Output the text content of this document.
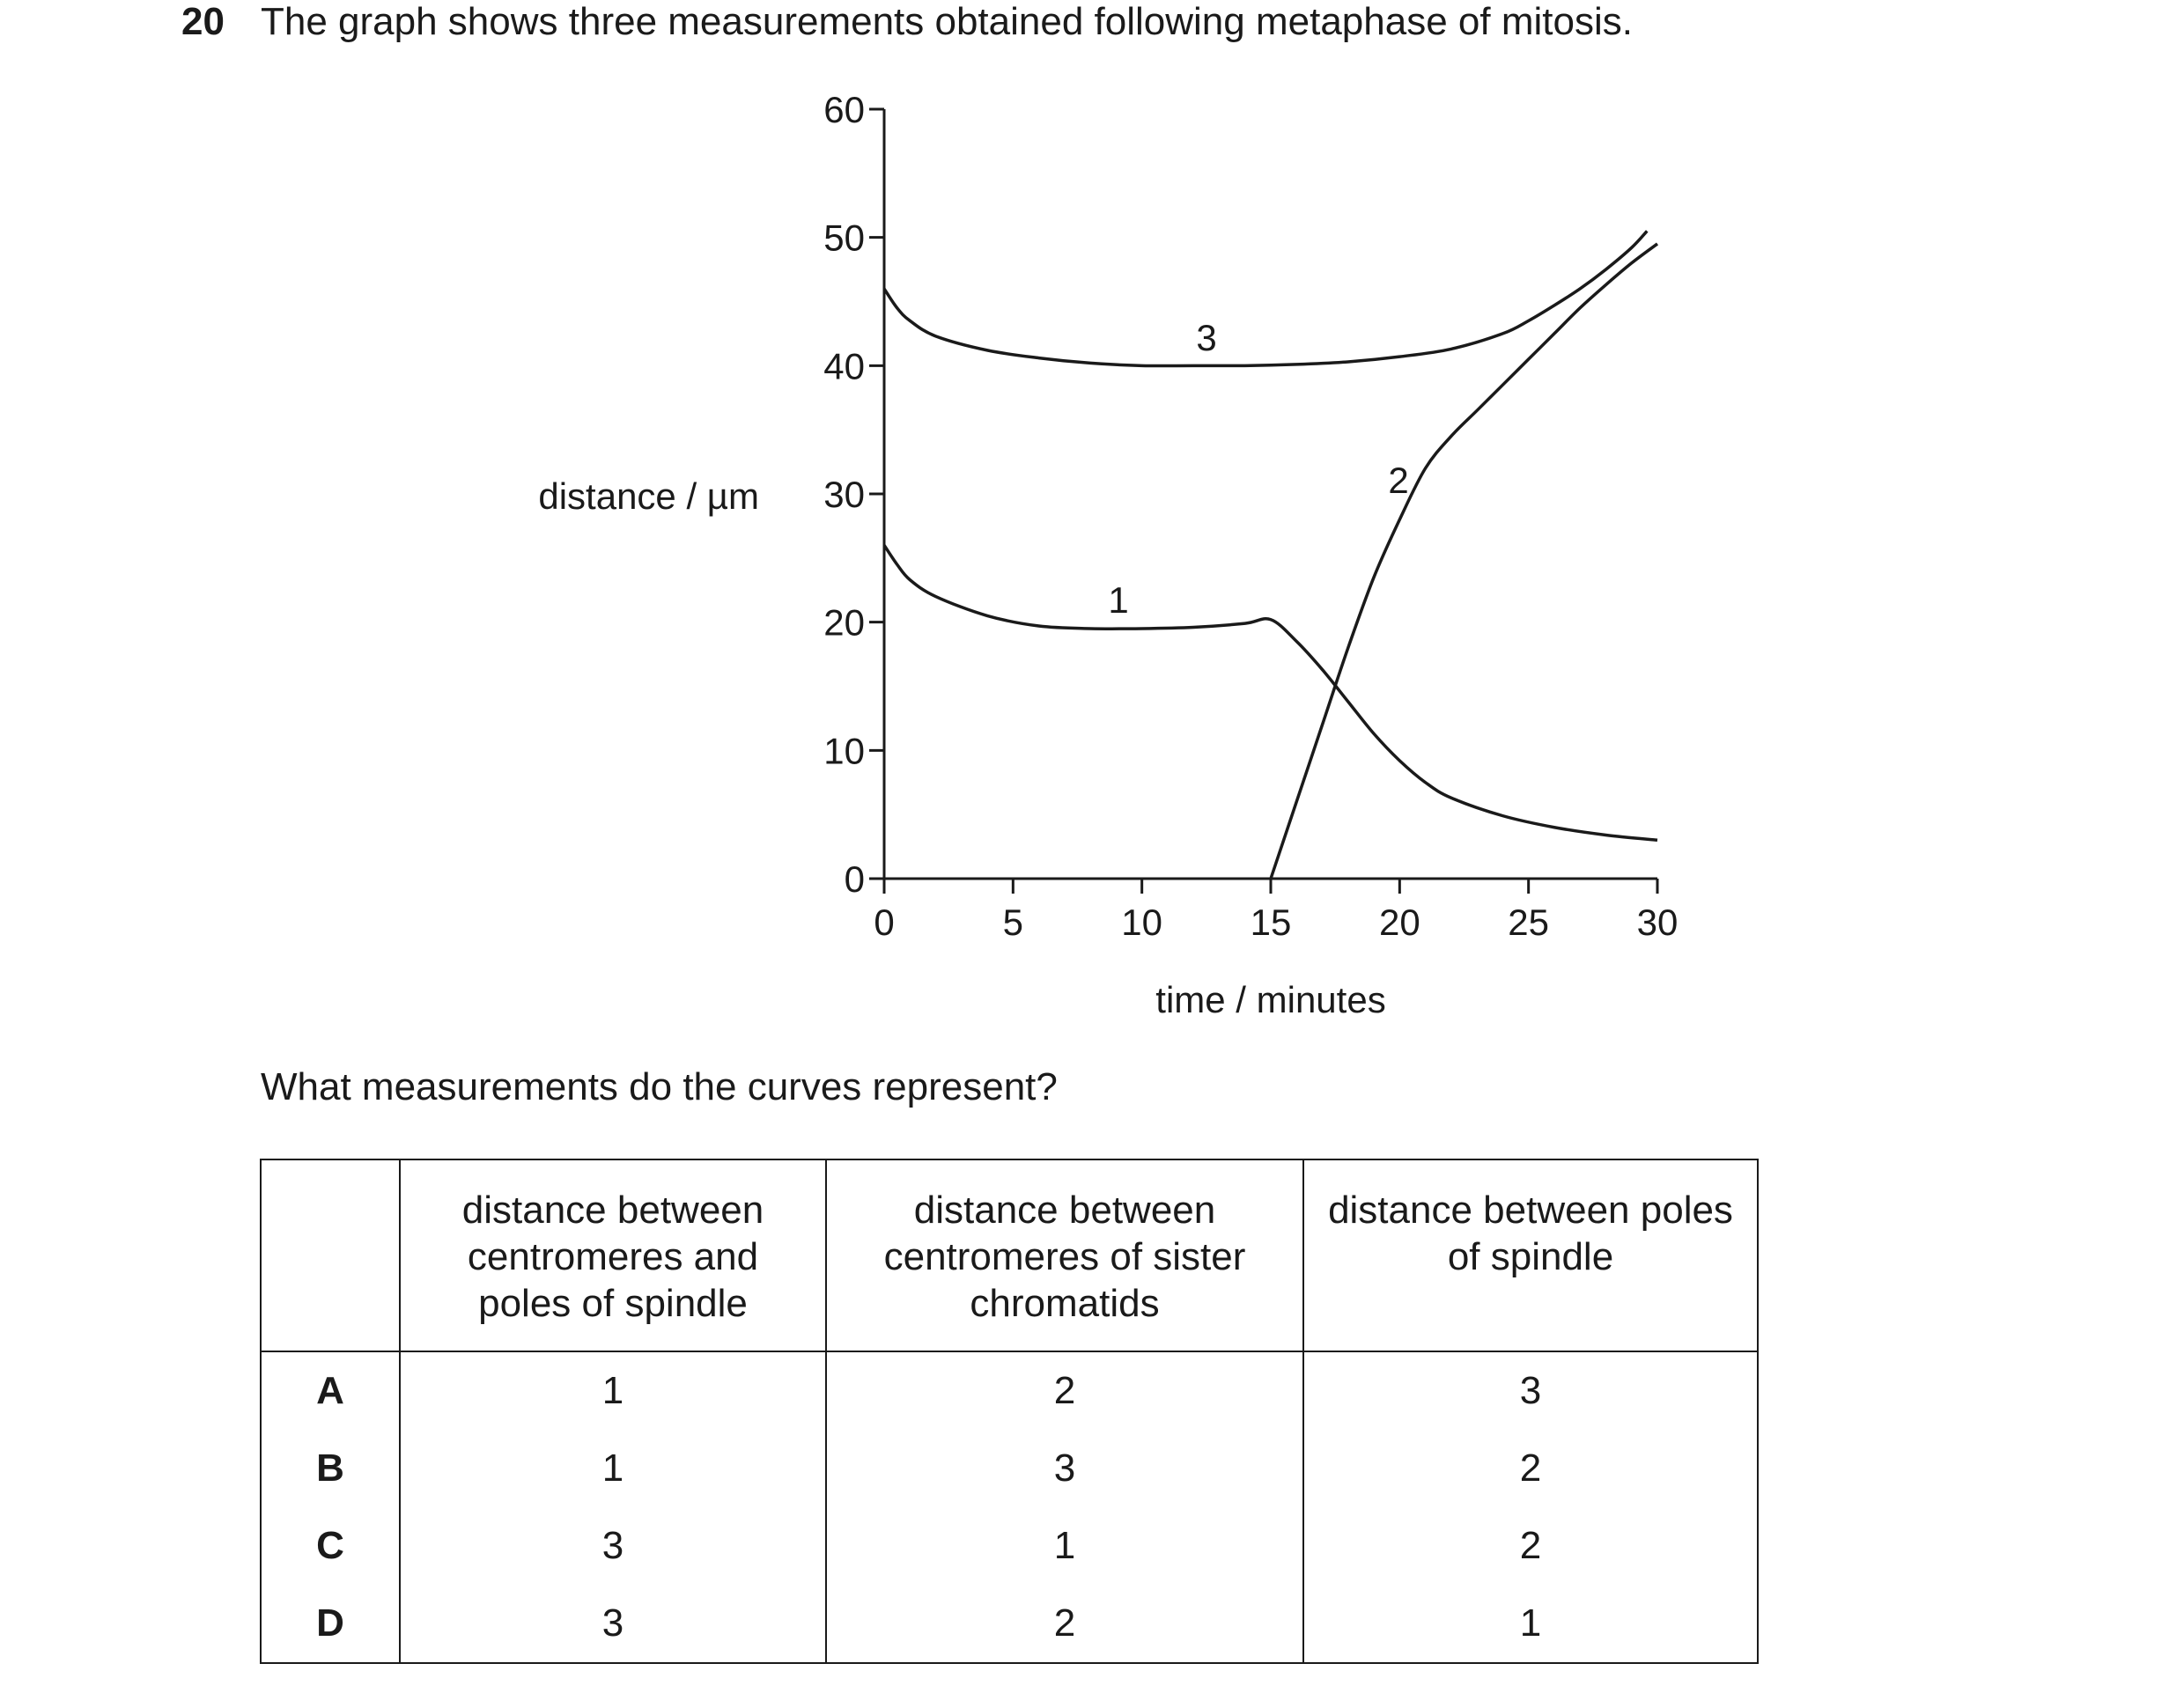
20 The graph shows three measurements obtained following metaphase of mitosis.
0
10
20
30
40
50
60
0	5	10 15 20 25 30
1
2
3
distance / µm
time / minutes
What measurements do the curves represent?
	distance between centromeres and poles of spindle	distance between centromeres of sister chromatids	distance between poles of spindle
A	1	2	3
B	1	3	2
C	3	1	2
D	3	2	1
